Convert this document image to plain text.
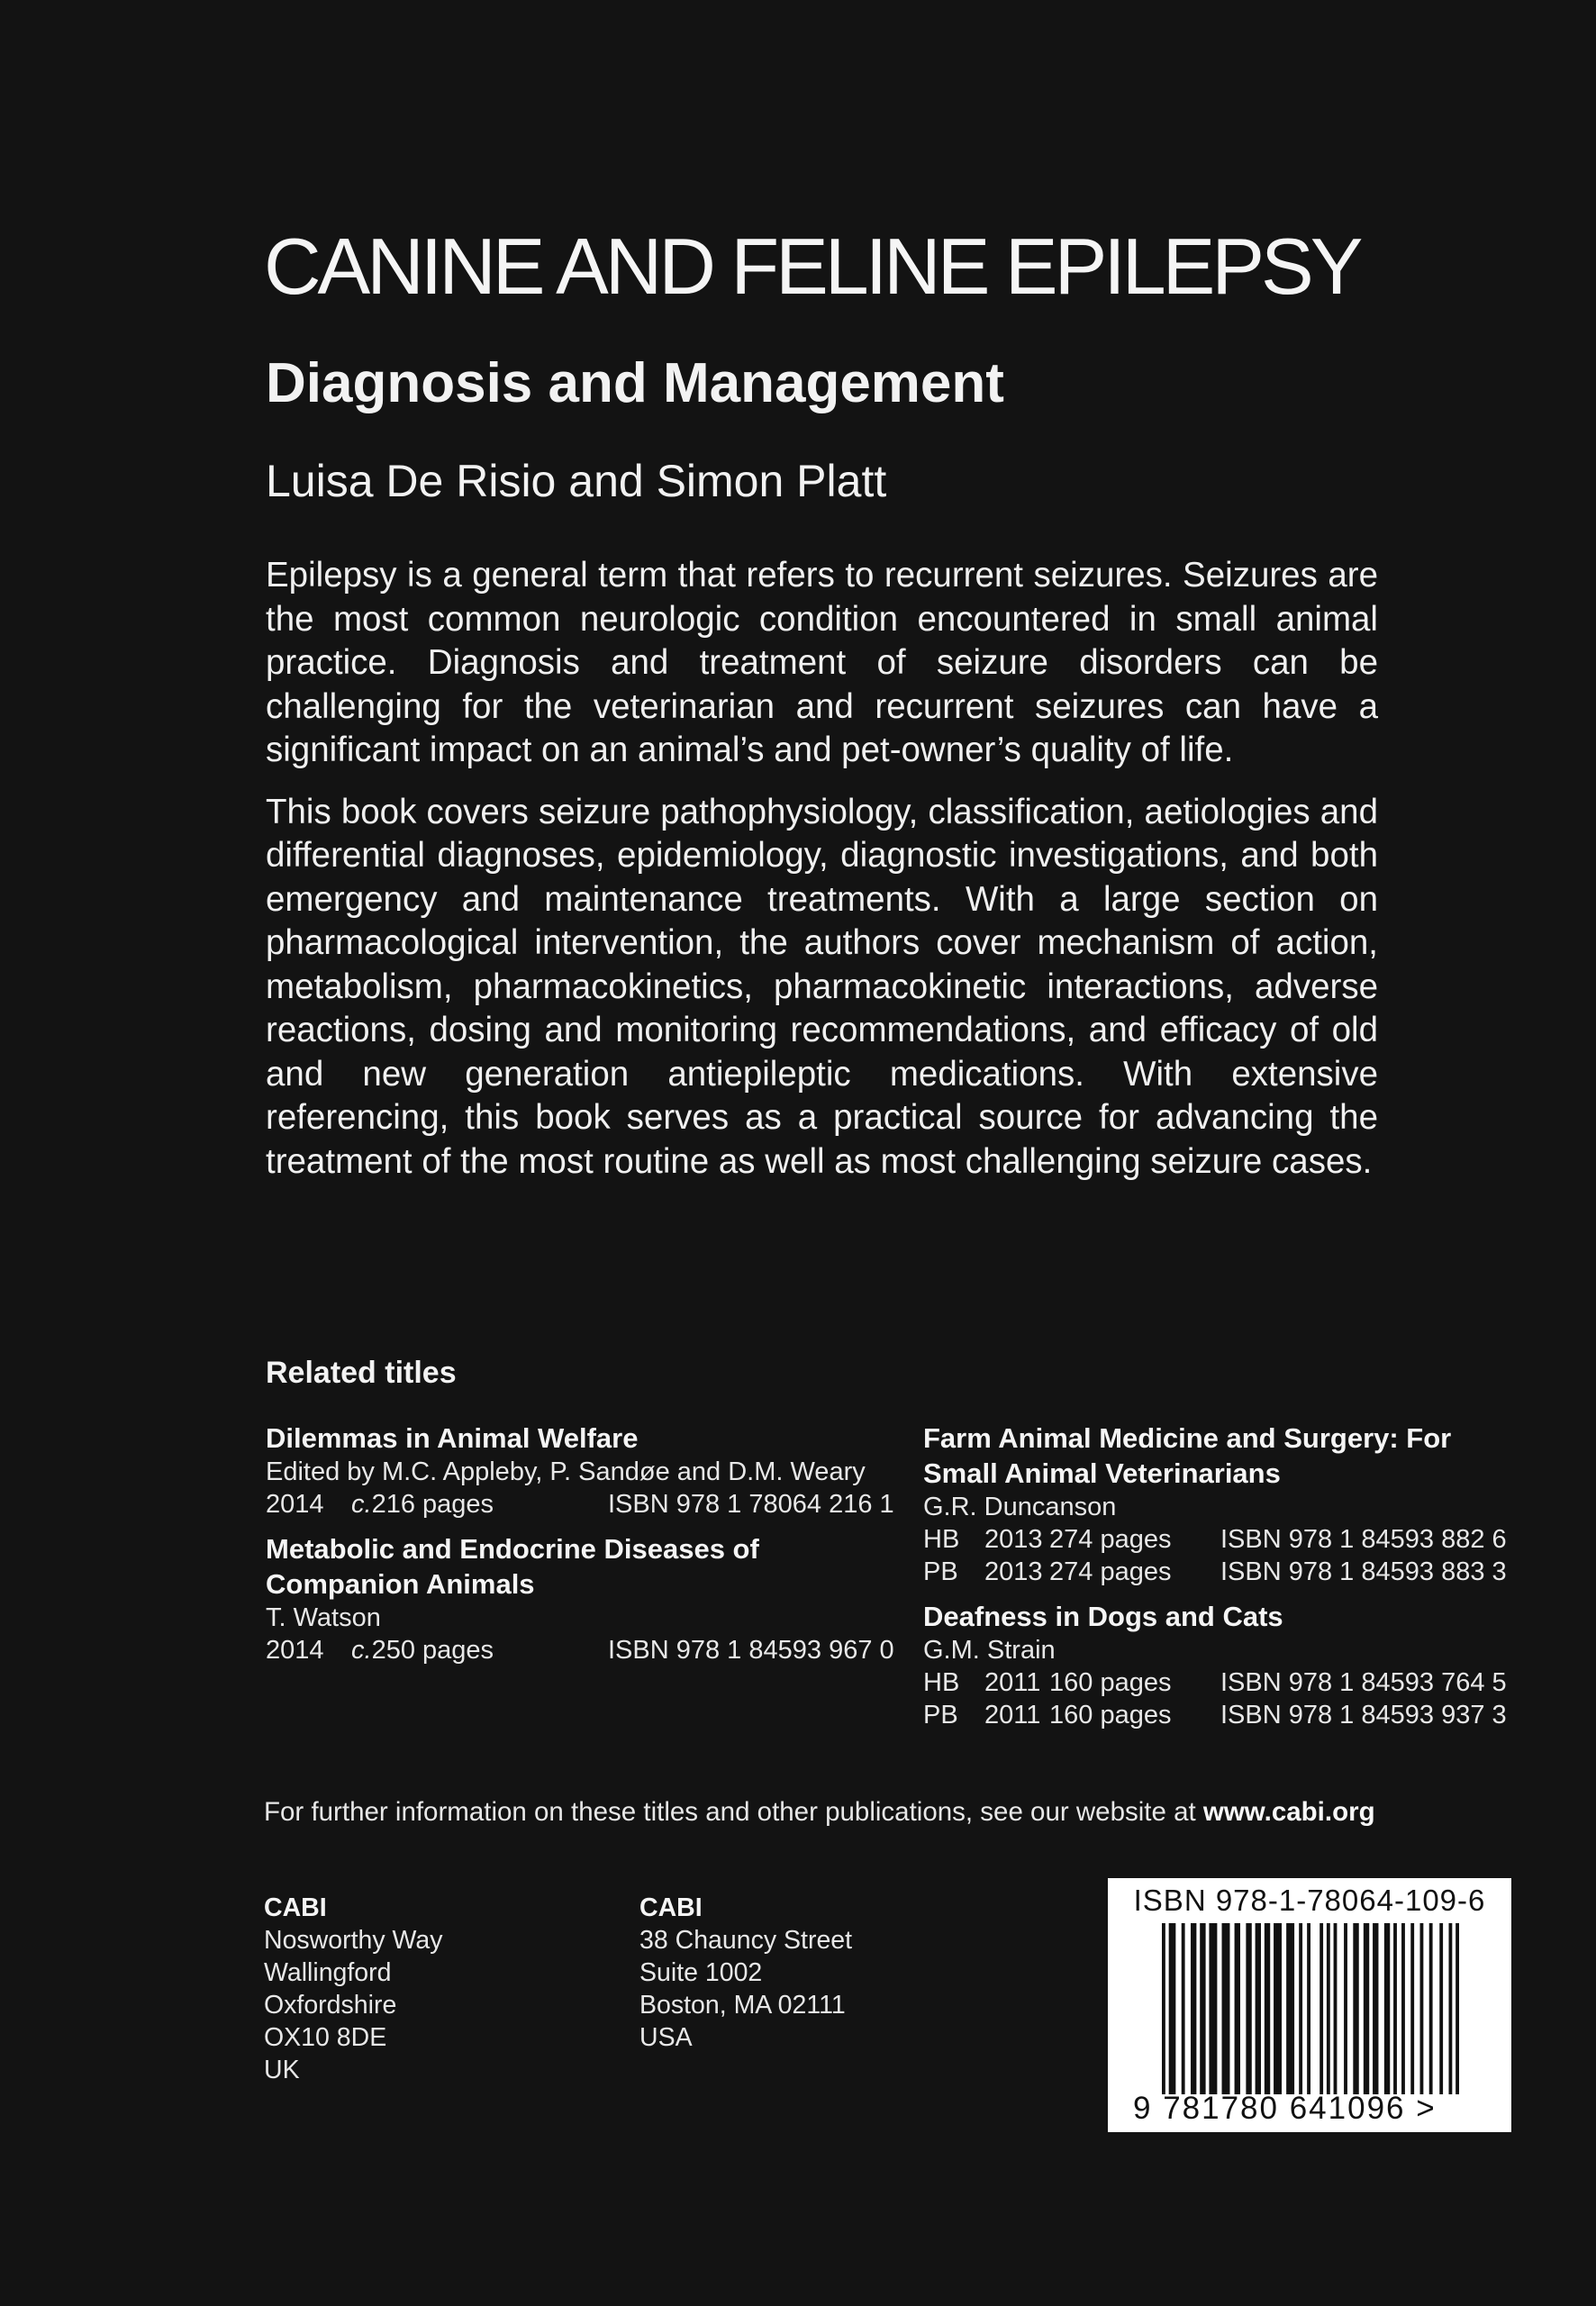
CANINE AND FELINE EPILEPSY
Diagnosis and Management
Luisa De Risio and Simon Platt

Epilepsy is a general term that refers to recurrent seizures. Seizures are the most common neurologic condition encountered in small animal practice. Diagnosis and treatment of seizure disorders can be challenging for the veterinarian and recurrent seizures can have a significant impact on an animal’s and pet-owner’s quality of life.

This book covers seizure pathophysiology, classification, aetiologies and differential diagnoses, epidemiology, diagnostic investigations, and both emergency and maintenance treatments. With a large section on pharmacological intervention, the authors cover mechanism of action, metabolism, pharmacokinetics, pharmacokinetic interactions, adverse reactions, dosing and monitoring recommendations, and efficacy of old and new generation antiepileptic medications. With extensive referencing, this book serves as a practical source for advancing the treatment of the most routine as well as most challenging seizure cases.

Related titles
Dilemmas in Animal Welfare
Edited by M.C. Appleby, P. Sandøe and D.M. Weary
2014 c.216 pages	ISBN 978 1 78064 216 1
Metabolic and Endocrine Diseases of Companion Animals
T. Watson
2014 c.250 pages	ISBN 978 1 84593 967 0
Farm Animal Medicine and Surgery: For Small Animal Veterinarians
G.R. Duncanson
HB 2013 274 pages ISBN 978 1 84593 882 6
PB 2013 274 pages ISBN 978 1 84593 883 3
Deafness in Dogs and Cats
G.M. Strain
HB 2011 160 pages ISBN 978 1 84593 764 5
PB 2011 160 pages ISBN 978 1 84593 937 3
For further information on these titles and other publications, see our website at www.cabi.org
CABI
Nosworthy Way
Wallingford
Oxfordshire
OX10 8DE
UK
CABI
38 Chauncy Street
Suite 1002
Boston, MA 02111
USA
ISBN 978-1-78064-109-6
9 781780 641096 >
